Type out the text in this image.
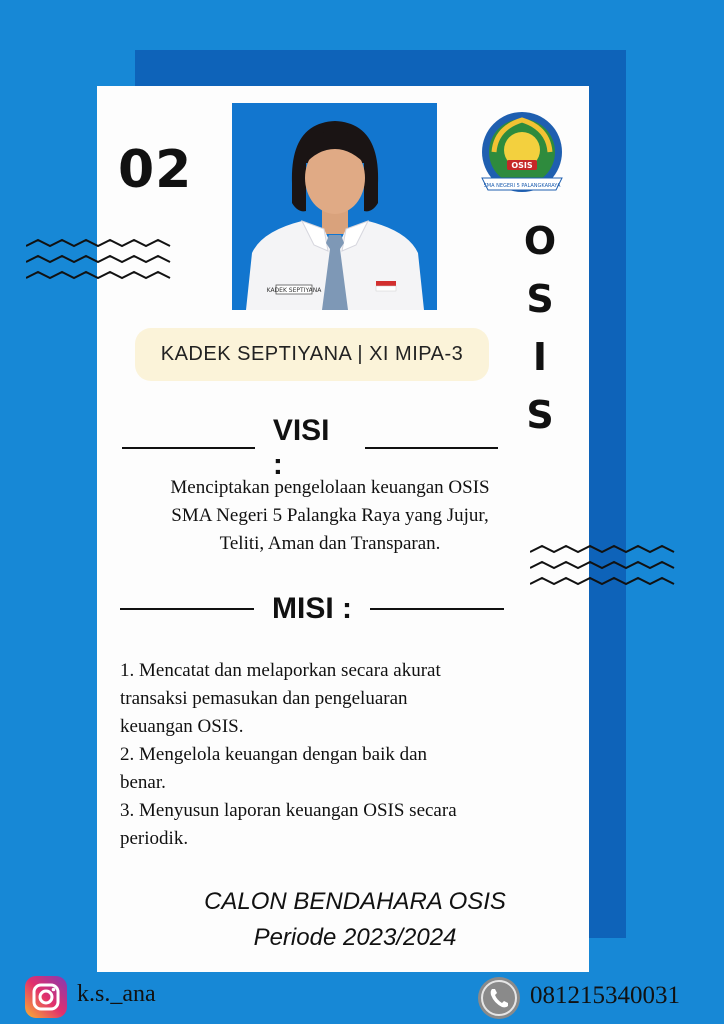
02
KADEK SEPTIYANA
OSIS
SMA NEGERI 5 PALANGKARAYA
O
S
I
S
KADEK SEPTIYANA | XI MIPA-3
VISI :
Menciptakan pengelolaan keuangan OSIS
SMA Negeri 5 Palangka Raya yang Jujur,
Teliti, Aman dan Transparan.
MISI :
1. Mencatat dan melaporkan secara akurat
transaksi pemasukan dan pengeluaran
keuangan OSIS.
2. Mengelola keuangan dengan baik dan
benar.
3. Menyusun laporan keuangan OSIS secara
periodik.
CALON BENDAHARA OSIS
Periode 2023/2024
k.s._ana	081215340031
